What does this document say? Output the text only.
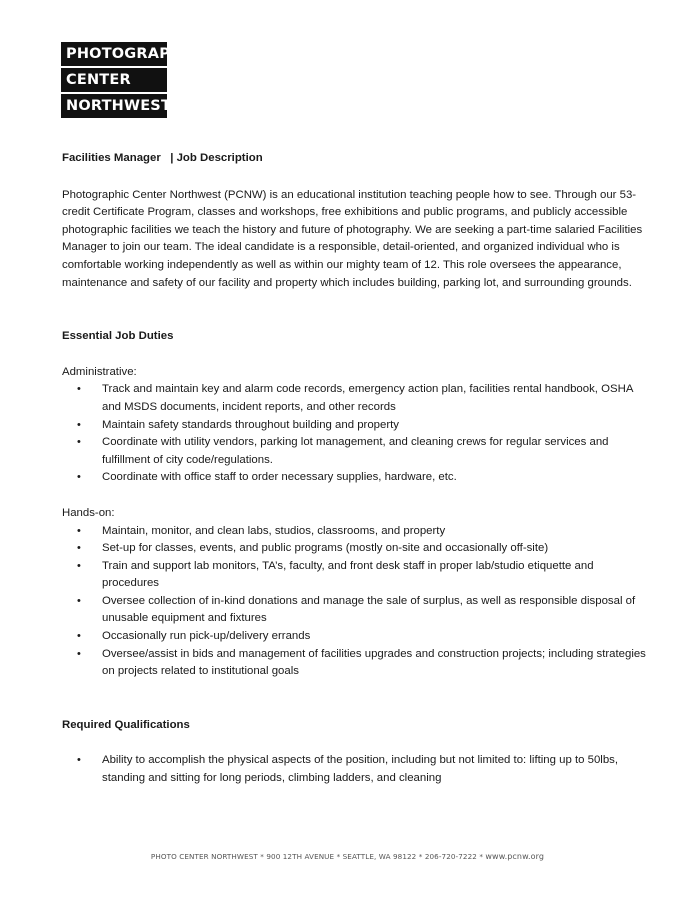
PHOTOGRAPHIC
CENTER
NORTHWEST

Facilities Manager   | Job Description

Photographic Center Northwest (PCNW) is an educational institution teaching people how to see. Through our 53-credit Certificate Program, classes and workshops, free exhibitions and public programs, and publicly accessible photographic facilities we teach the history and future of photography. We are seeking a part-time salaried Facilities Manager to join our team. The ideal candidate is a responsible, detail-oriented, and organized individual who is comfortable working independently as well as within our mighty team of 12. This role oversees the appearance, maintenance and safety of our facility and property which includes building, parking lot, and surrounding grounds.

Essential Job Duties

Administrative:

• Track and maintain key and alarm code records, emergency action plan, facilities rental handbook, OSHA and MSDS documents, incident reports, and other records
• Maintain safety standards throughout building and property
• Coordinate with utility vendors, parking lot management, and cleaning crews for regular services and fulfillment of city code/regulations.
• Coordinate with office staff to order necessary supplies, hardware, etc.

Hands-on:

• Maintain, monitor, and clean labs, studios, classrooms, and property
• Set-up for classes, events, and public programs (mostly on-site and occasionally off-site)
• Train and support lab monitors, TA’s, faculty, and front desk staff in proper lab/studio etiquette and procedures
• Oversee collection of in-kind donations and manage the sale of surplus, as well as responsible disposal of unusable equipment and fixtures
• Occasionally run pick-up/delivery errands
• Oversee/assist in bids and management of facilities upgrades and construction projects; including strategies on projects related to institutional goals

Required Qualifications

• Ability to accomplish the physical aspects of the position, including but not limited to: lifting up to 50lbs, standing and sitting for long periods, climbing ladders, and cleaning
PHOTO CENTER NORTHWEST * 900 12TH AVENUE * SEATTLE, WA 98122 * 206-720-7222 * www.pcnw.org
